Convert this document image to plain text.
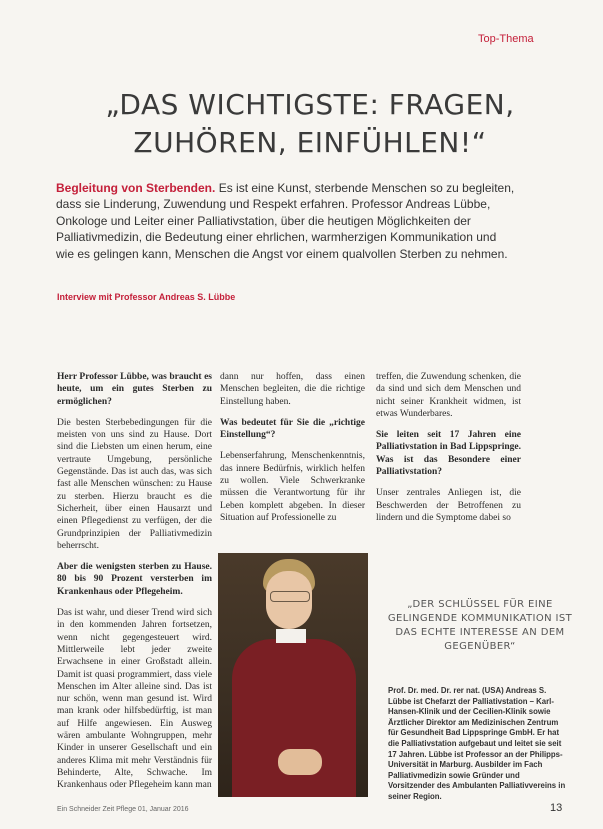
Top-Thema
„DAS WICHTIGSTE: FRAGEN, ZUHÖREN, EINFÜHLEN!“

Begleitung von Sterbenden. Es ist eine Kunst, sterbende Menschen so zu begleiten, dass sie Linderung, Zuwendung und Respekt erfahren. Professor Andreas Lübbe, Onkologe und Leiter einer Palliativstation, über die heutigen Möglichkeiten der Palliativmedizin, die Bedeutung einer ehrlichen, warmherzigen Kommunikation und wie es gelingen kann, Menschen die Angst vor einem qualvollen Sterben zu nehmen.

Interview mit Professor Andreas S. Lübbe

Herr Professor Lübbe, was braucht es heute, um ein gutes Sterben zu ermöglichen?

Die besten Sterbebedingungen für die meisten von uns sind zu Hause. Dort sind die Liebsten um einen herum, eine vertraute Umgebung, persönliche Gegenstände. Das ist auch das, was sich fast alle Menschen wünschen: zu Hause zu sterben. Hierzu braucht es die Sicherheit, über einen Hausarzt und einen Pflegedienst zu verfügen, der die Grundprinzipien der Palliativmedizin beherrscht.

Aber die wenigsten sterben zu Hause. 80 bis 90 Prozent versterben im Krankenhaus oder Pflegeheim.

Das ist wahr, und dieser Trend wird sich in den kommenden Jahren fortsetzen, wenn nicht gegengesteuert wird. Mittlerweile lebt jeder zweite Erwachsene in einer Großstadt allein. Damit ist quasi programmiert, dass viele Menschen im Alter alleine sind. Das ist nur schön, wenn man gesund ist. Wird man krank oder hilfsbedürftig, ist man auf Hilfe angewiesen. Ein Ausweg wären ambulante Wohngruppen, mehr Kinder in unserer Gesellschaft und ein anderes Klima mit mehr Verständnis für Behinderte, Alte, Schwache. Im Krankenhaus oder Pflegeheim kann man

dann nur hoffen, dass einen Menschen begleiten, die die richtige Einstellung haben.

Was bedeutet für Sie die „richtige Einstellung“?

Lebenserfahrung, Menschenkenntnis, das innere Bedürfnis, wirklich helfen zu wollen. Viele Schwerkranke müssen die Verantwortung für ihr Leben komplett abgeben. In dieser Situation auf Professionelle zu

treffen, die Zuwendung schenken, die da sind und sich dem Menschen und nicht seiner Krankheit widmen, ist etwas Wunderbares.

Sie leiten seit 17 Jahren eine Palliativstation in Bad Lippspringe. Was ist das Besondere einer Palliativstation?

Unser zentrales Anliegen ist, die Beschwerden der Betroffenen zu lindern und die Symptome dabei so

„DER SCHLÜSSEL FÜR EINE GELINGENDE KOMMUNIKATION IST DAS ECHTE INTERESSE AN DEM GEGENÜBER“

Prof. Dr. med. Dr. rer nat. (USA) Andreas S. Lübbe ist Chefarzt der Palliativstation – Karl-Hansen-Klinik und der Cecilien-Klinik sowie Ärztlicher Direktor am Medizinischen Zentrum für Gesundheit Bad Lippspringe GmbH. Er hat die Palliativstation aufgebaut und leitet sie seit 17 Jahren. Lübbe ist Professor an der Philipps-Universität in Marburg. Ausbilder im Fach Palliativmedizin sowie Gründer und Vorsitzender des Ambulanten Palliativvereins in seiner Region.

Ein Schneider Zeit Pflege 01, Januar 2016	13
